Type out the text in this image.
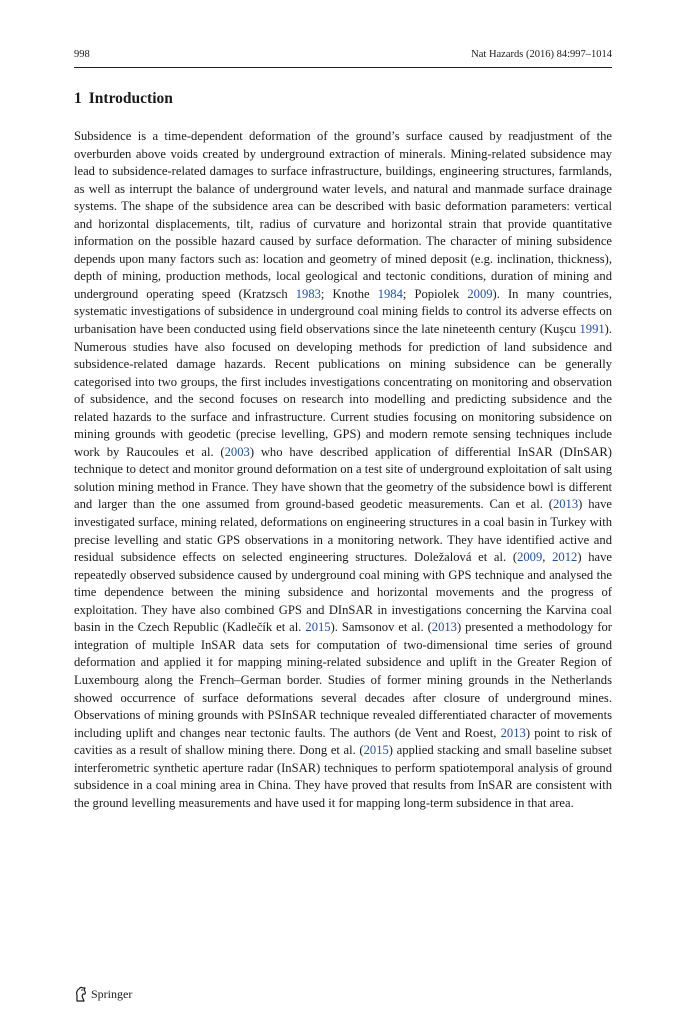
998	Nat Hazards (2016) 84:997–1014
1 Introduction
Subsidence is a time-dependent deformation of the ground’s surface caused by readjustment of the overburden above voids created by underground extraction of minerals. Mining-related subsidence may lead to subsidence-related damages to surface infrastructure, buildings, engineering structures, farmlands, as well as interrupt the balance of underground water levels, and natural and manmade surface drainage systems. The shape of the subsidence area can be described with basic deformation parameters: vertical and horizontal displacements, tilt, radius of curvature and horizontal strain that provide quantitative information on the possible hazard caused by surface deformation. The character of mining subsidence depends upon many factors such as: location and geometry of mined deposit (e.g. inclination, thickness), depth of mining, production methods, local geological and tectonic conditions, duration of mining and underground operating speed (Kratzsch 1983; Knothe 1984; Popiolek 2009). In many countries, systematic investigations of subsidence in underground coal mining fields to control its adverse effects on urbanisation have been conducted using field observations since the late nineteenth century (Kuşcu 1991). Numerous studies have also focused on developing methods for prediction of land subsidence and subsidence-related damage hazards. Recent publications on mining subsidence can be generally categorised into two groups, the first includes investigations concentrating on monitoring and observation of subsidence, and the second focuses on research into modelling and predicting subsidence and the related hazards to the surface and infrastructure. Current studies focusing on monitoring subsidence on mining grounds with geodetic (precise levelling, GPS) and modern remote sensing techniques include work by Raucoules et al. (2003) who have described application of differential InSAR (DInSAR) technique to detect and monitor ground deformation on a test site of underground exploitation of salt using solution mining method in France. They have shown that the geometry of the subsidence bowl is different and larger than the one assumed from ground-based geodetic measurements. Can et al. (2013) have investigated surface, mining related, deformations on engineering structures in a coal basin in Turkey with precise levelling and static GPS observations in a monitoring network. They have identified active and residual subsidence effects on selected engineering structures. Doležalová et al. (2009, 2012) have repeatedly observed subsidence caused by underground coal mining with GPS technique and analysed the time dependence between the mining subsidence and horizontal movements and the progress of exploitation. They have also combined GPS and DInSAR in investigations concerning the Karvina coal basin in the Czech Republic (Kadlečík et al. 2015). Samsonov et al. (2013) presented a methodology for integration of multiple InSAR data sets for computation of two-dimensional time series of ground deformation and applied it for mapping mining-related subsidence and uplift in the Greater Region of Luxembourg along the French–German border. Studies of former mining grounds in the Netherlands showed occurrence of surface deformations several decades after closure of underground mines. Observations of mining grounds with PSInSAR technique revealed differentiated character of movements including uplift and changes near tectonic faults. The authors (de Vent and Roest, 2013) point to risk of cavities as a result of shallow mining there. Dong et al. (2015) applied stacking and small baseline subset interferometric synthetic aperture radar (InSAR) techniques to perform spatiotemporal analysis of ground subsidence in a coal mining area in China. They have proved that results from InSAR are consistent with the ground levelling measurements and have used it for mapping long-term subsidence in that area.
Springer
